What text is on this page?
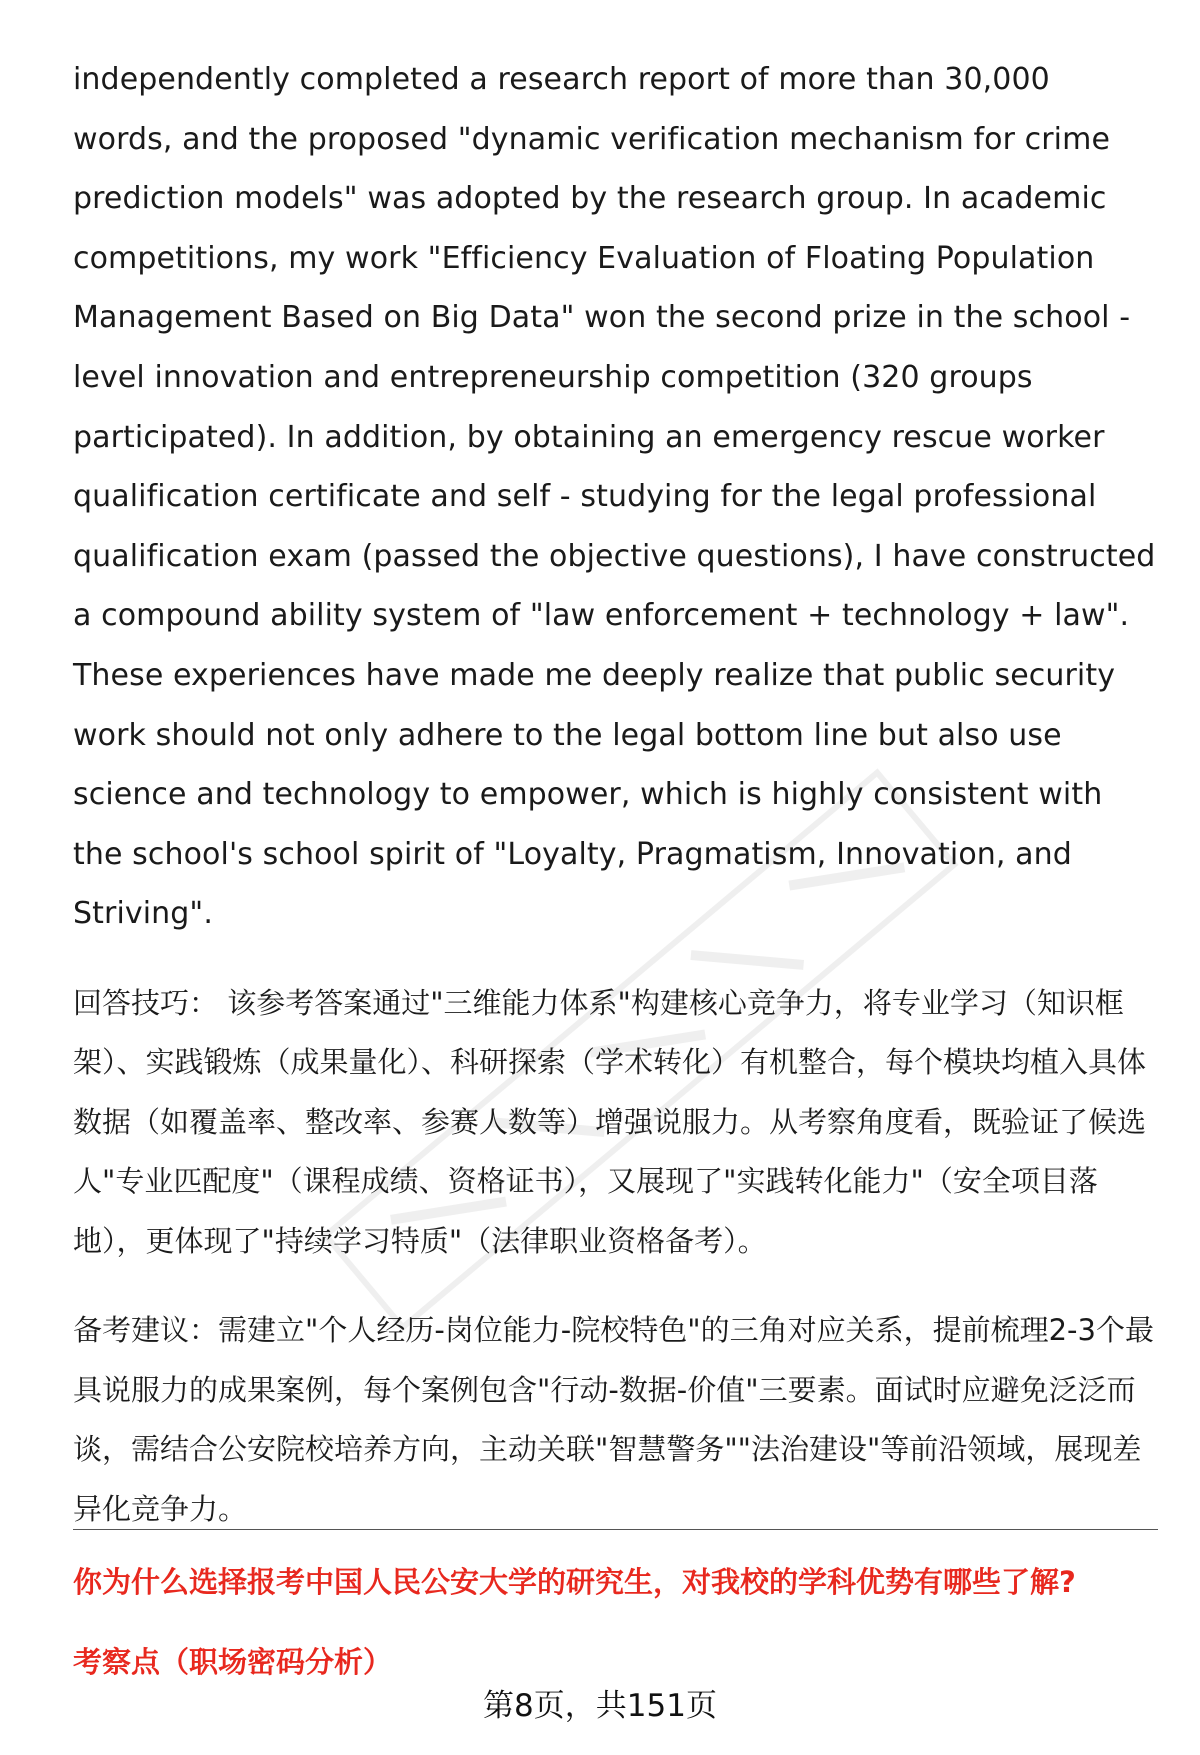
independently completed a research report of more than 30,000 words, and the proposed "dynamic verification mechanism for crime prediction models" was adopted by the research group. In academic competitions, my work "Efficiency Evaluation of Floating Population Management Based on Big Data" won the second prize in the school - level innovation and entrepreneurship competition (320 groups participated). In addition, by obtaining an emergency rescue worker qualification certificate and self - studying for the legal professional qualification exam (passed the objective questions), I have constructed a compound ability system of "law enforcement + technology + law". These experiences have made me deeply realize that public security work should not only adhere to the legal bottom line but also use science and technology to empower, which is highly consistent with the school's school spirit of "Loyalty, Pragmatism, Innovation, and Striving".

回答技巧： 该参考答案通过"三维能力体系"构建核心竞争力，将专业学习（知识框架）、实践锻炼（成果量化）、科研探索（学术转化）有机整合，每个模块均植入具体数据（如覆盖率、整改率、参赛人数等）增强说服力。从考察角度看，既验证了候选人"专业匹配度"（课程成绩、资格证书），又展现了"实践转化能力"（安全项目落地），更体现了"持续学习特质"（法律职业资格备考）。

备考建议：需建立"个人经历-岗位能力-院校特色"的三角对应关系，提前梳理2-3个最具说服力的成果案例，每个案例包含"行动-数据-价值"三要素。面试时应避免泛泛而谈，需结合公安院校培养方向，主动关联"智慧警务""法治建设"等前沿领域，展现差异化竞争力。

你为什么选择报考中国人民公安大学的研究生，对我校的学科优势有哪些了解?

考察点（职场密码分析）

第8页，共151页
